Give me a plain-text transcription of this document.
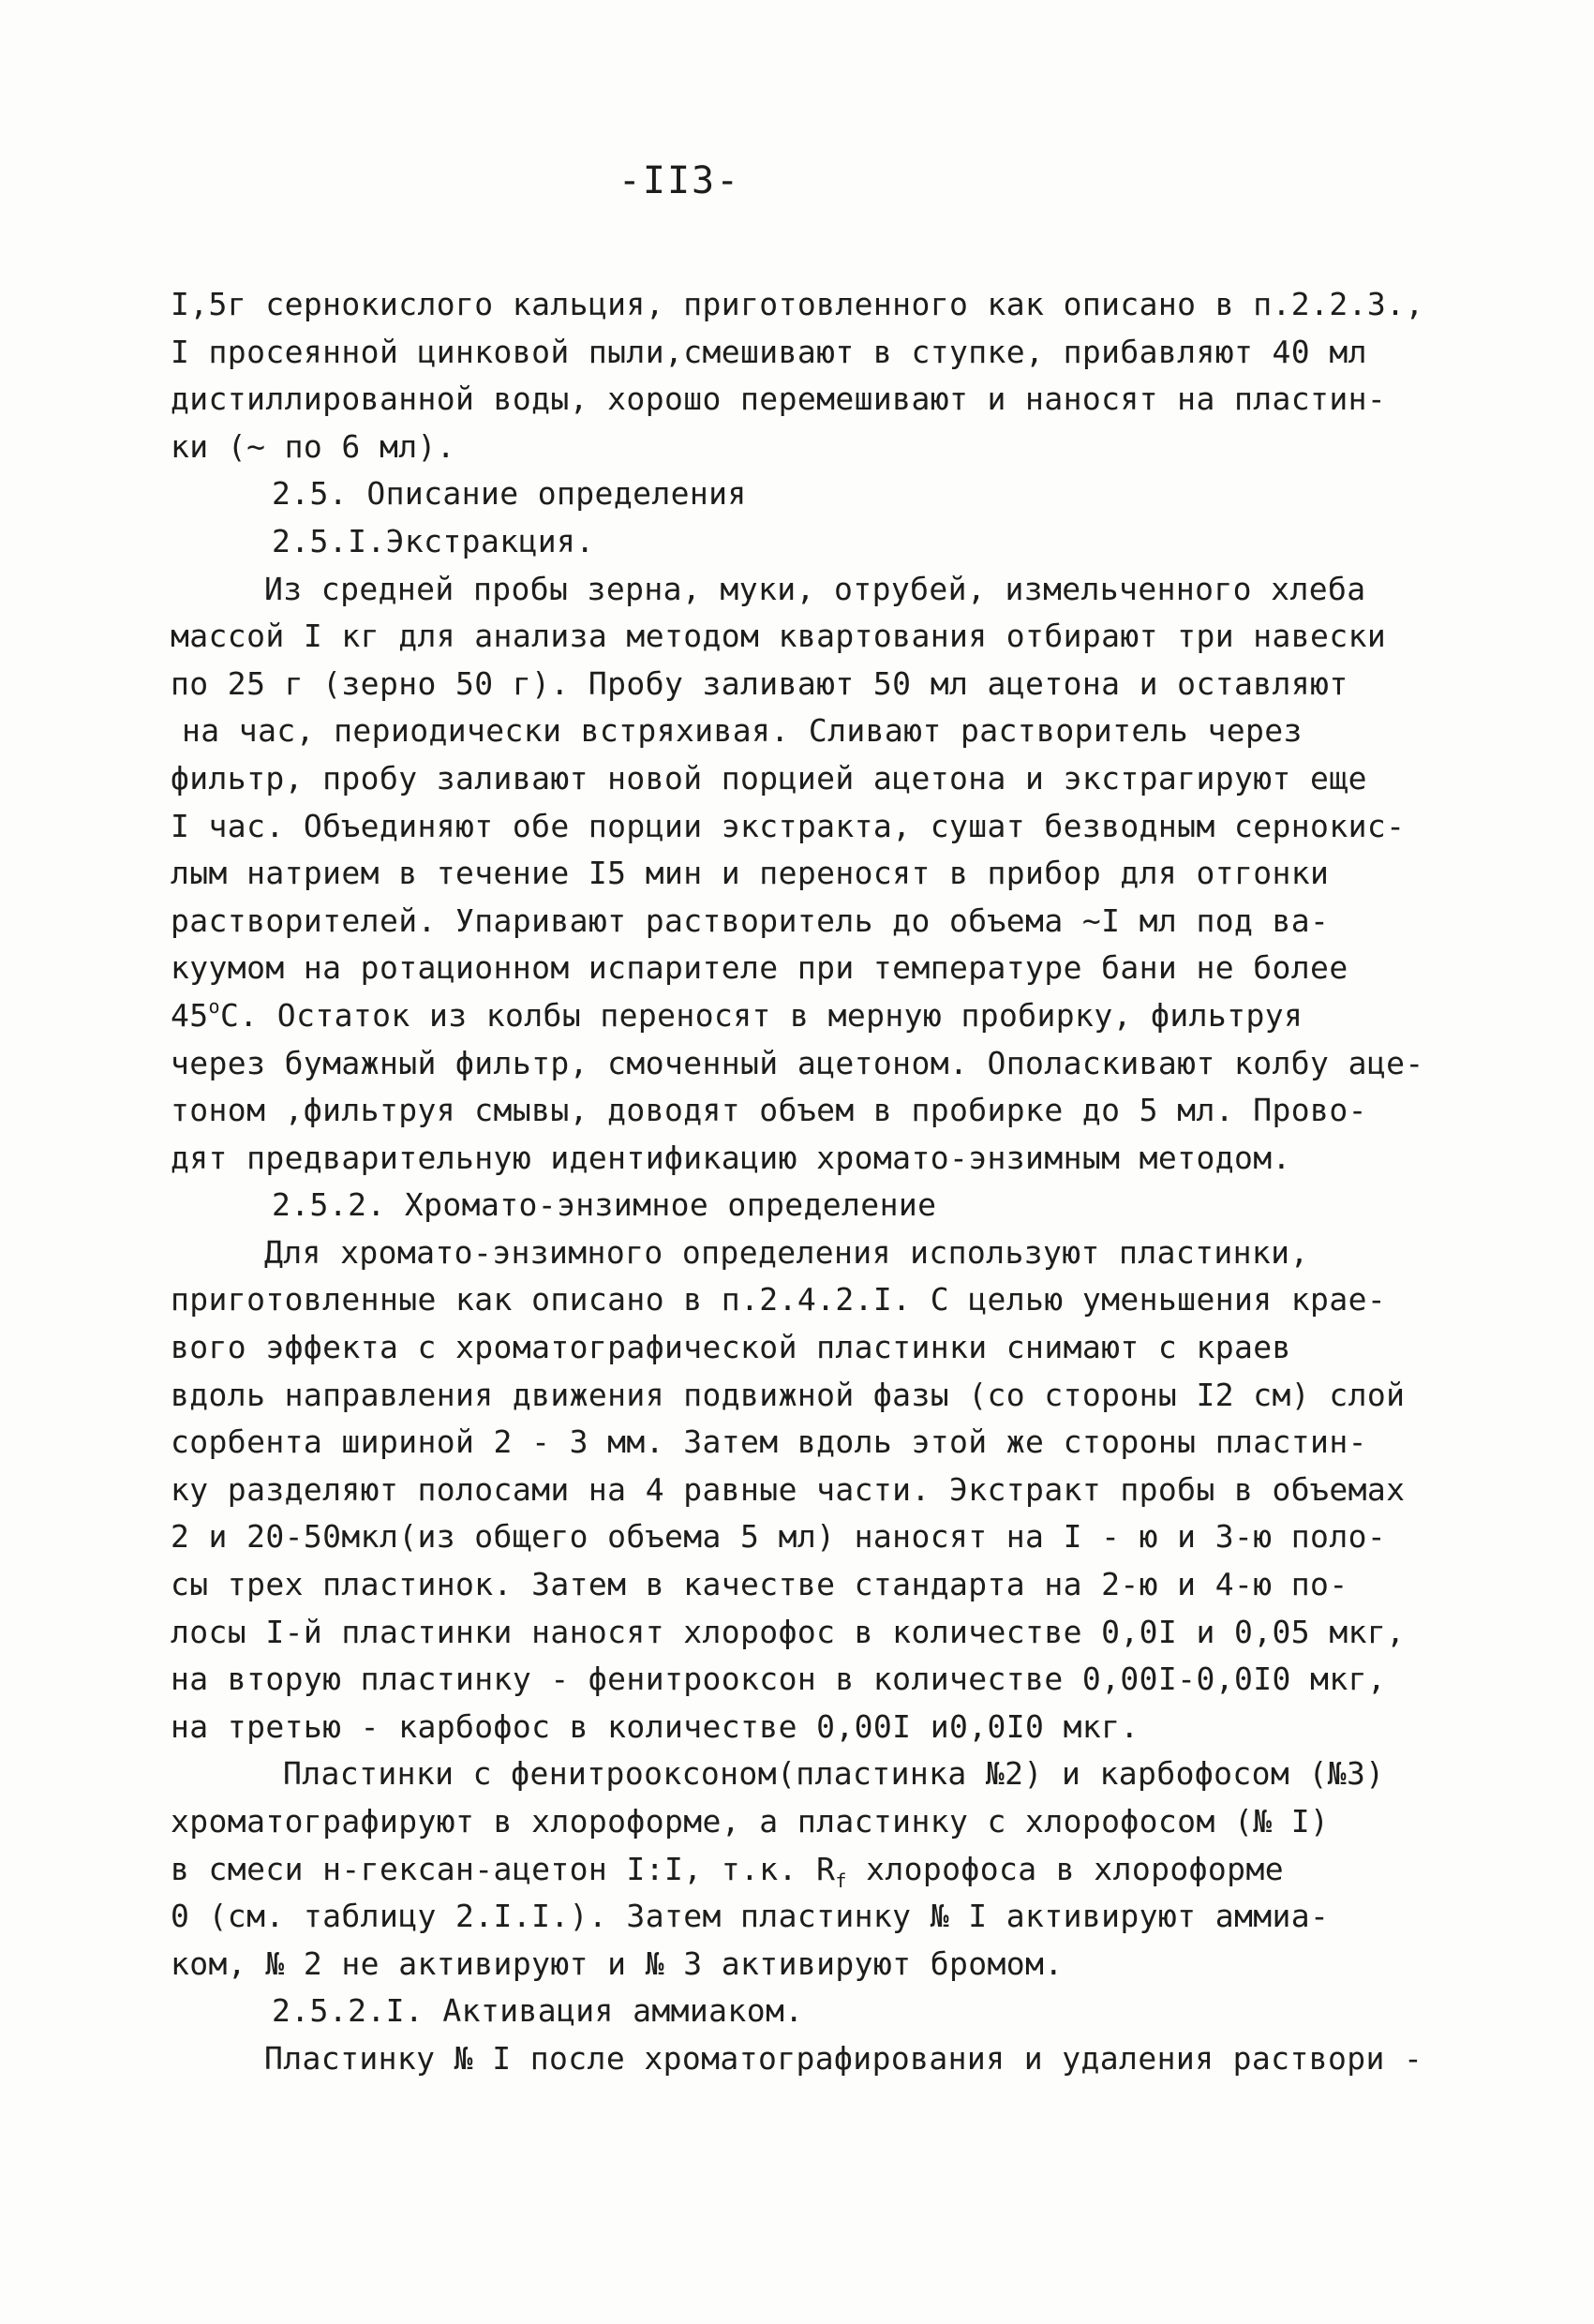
-II3-
I,5г сернокислого кальция, приготовленного как описано в п.2.2.3.,
I просеянной цинковой пыли,смешивают в ступке, прибавляют 40 мл
дистиллированной воды, хорошо перемешивают и наносят на пластин-
ки (~ по 6 мл).
2.5. Описание определения
2.5.I.Экстракция.
Из средней пробы зерна, муки, отрубей, измельченного хлеба
массой I кг для анализа методом квартования отбирают три навески
по 25 г (зерно 50 г). Пробу заливают 50 мл ацетона и оставляют
на час, периодически встряхивая. Сливают растворитель через
фильтр, пробу заливают новой порцией ацетона и экстрагируют еще
I час. Объединяют обе порции экстракта, сушат безводным сернокис-
лым натрием в течение I5 мин и переносят в прибор для отгонки
растворителей. Упаривают растворитель до объема ~I мл под ва-
куумом на ротационном испарителе при температуре бани не более
45$^o$C. Остаток из колбы переносят в мерную пробирку, фильтруя
через бумажный фильтр, смоченный ацетоном. Ополаскивают колбу аце-
тоном ,фильтруя смывы, доводят объем в пробирке до 5 мл. Прово-
дят предварительную идентификацию хромато-энзимным методом.
2.5.2. Хромато-энзимное определение
Для хромато-энзимного определения используют пластинки,
приготовленные как описано в п.2.4.2.I. С целью уменьшения крае-
вого эффекта с хроматографической пластинки снимают с краев
вдоль направления движения подвижной фазы (со стороны I2 см) слой
сорбента шириной 2 - 3 мм. Затем вдоль этой же стороны пластин-
ку разделяют полосами на 4 равные части. Экстракт пробы в объемах
2 и 20-50мкл(из общего объема 5 мл) наносят на I - ю и 3-ю поло-
сы трех пластинок. Затем в качестве стандарта на 2-ю и 4-ю по-
лосы I-й пластинки наносят хлорофос в количестве 0,0I и 0,05 мкг,
на вторую пластинку - фенитрооксон в количестве 0,00I-0,0I0 мкг,
на третью - карбофос в количестве 0,00I и0,0I0 мкг.
Пластинки с фенитрооксоном(пластинка №2) и карбофосом (№3)
хроматографируют в хлороформе, а пластинку с хлорофосом (№ I)
в смеси н-гексан-ацетон I:I, т.к. $R_f$ хлорофоса в хлороформе
0 (см. таблицу 2.I.I.). Затем пластинку № I активируют аммиа-
ком, № 2 не активируют и № 3 активируют бромом.
2.5.2.I. Активация аммиаком.
Пластинку № I после хроматографирования и удаления раствори -
